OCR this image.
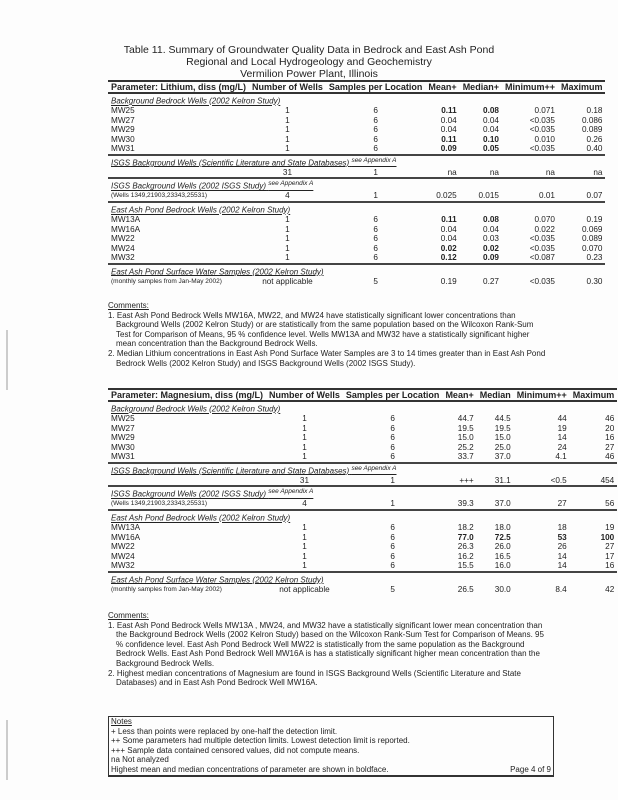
Table 11. Summary of Groundwater Quality Data in Bedrock and East Ash Pond
Regional and Local Hydrogeology and Geochemistry
Vermilion Power Plant, Illinois
Parameter: Lithium, diss (mg/L)	Number of Wells	Samples per Location	Mean+	Median+	Minimum++	Maximum
Background Bedrock Wells (2002 Kelron Study)						
MW25	1	6	0.11	0.08	0.071	0.18
MW27	1	6	0.04	0.04	<0.035	0.086
MW29	1	6	0.04	0.04	<0.035	0.089
MW30	1	6	0.11	0.10	0.010	0.26
MW31	1	6	0.09	0.05	<0.035	0.40
ISGS Background Wells (Scientific Literature and State Databases) $^{see Appendix A}$
	31	1	na	na	na	na
ISGS Background Wells (2002 ISGS Study) $^{see Appendix A}$
(Wells 1349,21903,23343,25531)	4	1	0.025	0.015	0.01	0.07
East Ash Pond Bedrock Wells (2002 Kelron Study)						
MW13A	1	6	0.11	0.08	0.070	0.19
MW16A	1	6	0.04	0.04	0.022	0.069
MW22	1	6	0.04	0.03	<0.035	0.089
MW24	1	6	0.02	0.02	<0.035	0.070
MW32	1	6	0.12	0.09	<0.087	0.23
East Ash Pond Surface Water Samples (2002 Kelron Study)						
(monthly samples from Jan-May 2002)	not applicable	5	0.19	0.27	<0.035	0.30
Comments:
1. East Ash Pond Bedrock Wells MW16A, MW22, and MW24 have statistically significant lower concentrations than Background Wells (2002 Kelron Study) or are statistically from the same population based on the Wilcoxon Rank-Sum Test for Comparison of Means, 95 % confidence level. Wells MW13A and MW32 have a statistically significant higher mean concentration than the Background Bedrock Wells.
2. Median Lithium concentrations in East Ash Pond Surface Water Samples are 3 to 14 times greater than in East Ash Pond Bedrock Wells (2002 Kelron Study) and ISGS Background Wells (2002 ISGS Study).
Parameter: Magnesium, diss (mg/L)	Number of Wells	Samples per Location	Mean+	Median	Minimum++	Maximum
Background Bedrock Wells (2002 Kelron Study)						
MW25	1	6	44.7	44.5	44	46
MW27	1	6	19.5	19.5	19	20
MW29	1	6	15.0	15.0	14	16
MW30	1	6	25.2	25.0	24	27
MW31	1	6	33.7	37.0	4.1	46
ISGS Background Wells (Scientific Literature and State Databases) $^{see Appendix A}$
	31	1	+++	31.1	<0.5	454
ISGS Background Wells (2002 ISGS Study) $^{see Appendix A}$
(Wells 1349,21903,23343,25531)	4	1	39.3	37.0	27	56
East Ash Pond Bedrock Wells (2002 Kelron Study)						
MW13A	1	6	18.2	18.0	18	19
MW16A	1	6	77.0	72.5	53	100
MW22	1	6	26.3	26.0	26	27
MW24	1	6	16.2	16.5	14	17
MW32	1	6	15.5	16.0	14	16
East Ash Pond Surface Water Samples (2002 Kelron Study)						
(monthly samples from Jan-May 2002)	not applicable	5	26.5	30.0	8.4	42
Comments:
1. East Ash Pond Bedrock Wells MW13A , MW24, and MW32 have a statistically significant lower mean concentration than the Background Bedrock Wells (2002 Kelron Study) based on the Wilcoxon Rank-Sum Test for Comparison of Means. 95 % confidence level. East Ash Pond Bedrock Well MW22 is statistically from the same population as the Background Bedrock Wells. East Ash Pond Bedrock Well MW16A is has a statistically significant higher mean concentration than the Background Bedrock Wells.
2. Highest median concentrations of Magnesium are found in ISGS Background Wells (Scientific Literature and State Databases) and in East Ash Pond Bedrock Well MW16A.
Notes
+ Less than points were replaced by one-half the detection limit.
++ Some parameters had multiple detection limits. Lowest detection limit is reported.
+++ Sample data contained censored values, did not compute means.
na Not analyzed
Highest mean and median concentrations of parameter are shown in boldface.	Page 4 of 9
